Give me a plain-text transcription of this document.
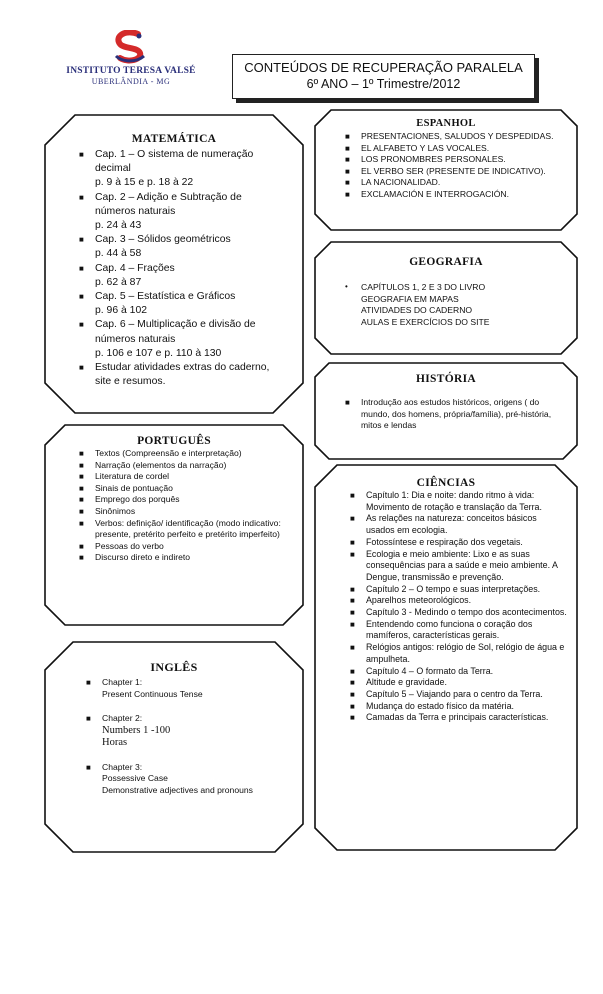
INSTITUTO TERESA VALSÉ
UBERLÂNDIA - MG
CONTEÚDOS DE RECUPERAÇÃO PARALELA
6º ANO – 1º Trimestre/2012
MATEMÁTICA
■ Cap. 1 – O sistema de numeração decimal
p. 9 à 15 e p. 18 à 22
■ Cap. 2 – Adição e Subtração de números naturais
p. 24 à 43
■ Cap. 3 – Sólidos geométricos
p. 44 à 58
■ Cap. 4 – Frações
p. 62 à 87
■ Cap. 5 – Estatística e Gráficos
p. 96 à 102
■ Cap. 6 – Multiplicação e divisão de números naturais
p. 106 e 107 e p. 110 à 130
■ Estudar atividades extras do caderno, site e resumos.
ESPANHOL
■ PRESENTACIONES, SALUDOS Y DESPEDIDAS.
■ EL ALFABETO Y LAS VOCALES.
■ LOS PRONOMBRES PERSONALES.
■ EL VERBO SER (PRESENTE DE INDICATIVO).
■ LA NACIONALIDAD.
■ EXCLAMACIÓN E INTERROGACIÓN.
GEOGRAFIA
• CAPÍTULOS 1, 2 E 3 DO LIVRO
GEOGRAFIA EM MAPAS
ATIVIDADES DO CADERNO
AULAS E EXERCÍCIOS DO SITE
HISTÓRIA
■ Introdução aos estudos históricos, origens ( do mundo, dos homens, própria/família), pré-história, mitos e lendas
PORTUGUÊS
■ Textos (Compreensão e interpretação)
■ Narração (elementos da narração)
■ Literatura de cordel
■ Sinais de pontuação
■ Emprego dos porquês
■ Sinônimos
■ Verbos: definição/ identificação (modo indicativo: presente, pretérito perfeito e pretérito imperfeito)
■ Pessoas do verbo
■ Discurso direto e indireto
CIÊNCIAS
■ Capítulo 1: Dia e noite: dando ritmo à vida: Movimento de rotação e translação da Terra.
■ As relações na natureza: conceitos básicos usados em ecologia.
■ Fotossíntese e respiração dos vegetais.
■ Ecologia e meio ambiente: Lixo e as suas consequências para a saúde e meio ambiente. A Dengue, transmissão e prevenção.
■ Capítulo 2 – O tempo e suas interpretações.
■ Aparelhos meteorológicos.
■ Capítulo 3 - Medindo o tempo dos acontecimentos.
■ Entendendo como funciona o coração dos mamíferos, características gerais.
■ Relógios antigos: relógio de Sol, relógio de água e ampulheta.
■ Capítulo 4 – O formato da Terra.
■ Altitude e gravidade.
■ Capítulo 5 – Viajando para o centro da Terra.
■ Mudança do estado físico da matéria.
■ Camadas da Terra e principais características.
INGLÊS
■ Chapter 1:
Present Continuous Tense
■ Chapter 2:
Numbers 1 -100
Horas
■ Chapter 3:
Possessive Case
Demonstrative adjectives and pronouns
